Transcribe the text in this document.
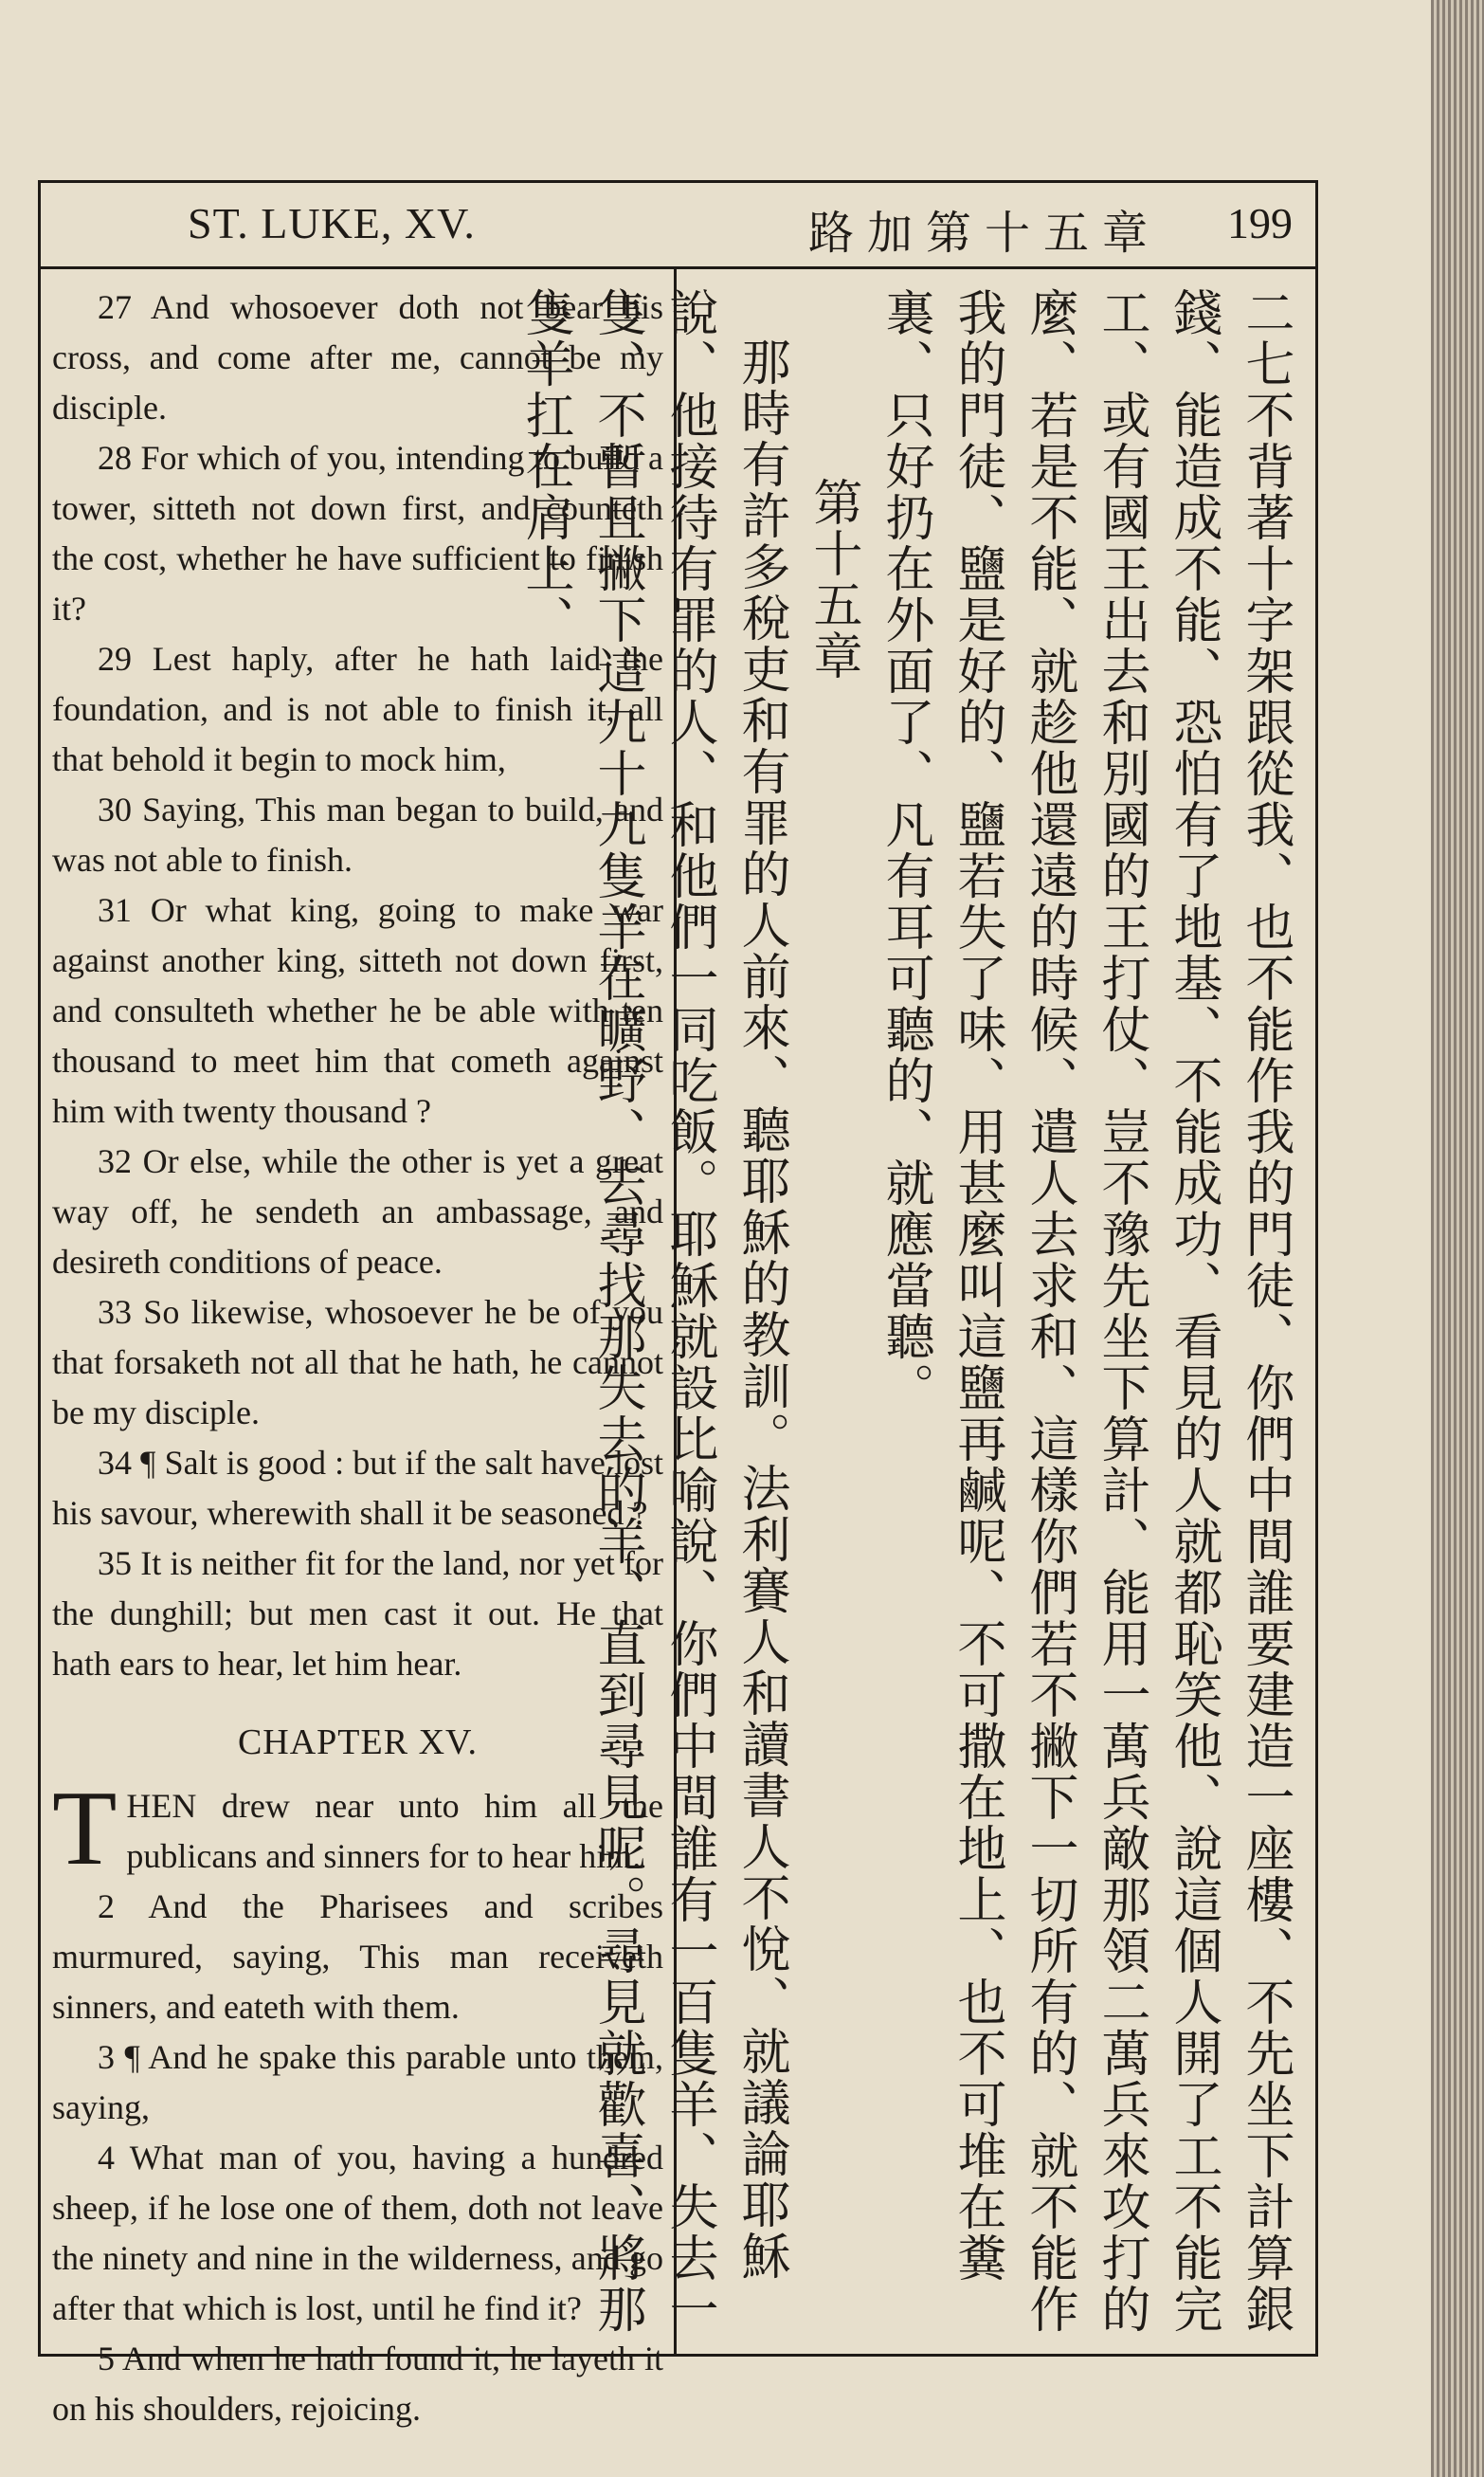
ST. LUKE, XV.	路加第十五章 199

27 And whosoever doth not bear his cross, and come after me, cannot be my disciple.

28 For which of you, intending to build a tower, sitteth not down first, and counteth the cost, whether he have sufficient to finish it?

29 Lest haply, after he hath laid the foundation, and is not able to finish it, all that behold it begin to mock him,

30 Saying, This man began to build, and was not able to finish.

31 Or what king, going to make war against another king, sitteth not down first, and consulteth whether he be able with ten thousand to meet him that cometh against him with twenty thousand ?

32 Or else, while the other is yet a great way off, he sendeth an ambassage, and desireth conditions of peace.

33 So likewise, whosoever he be of you that forsaketh not all that he hath, he cannot be my disciple.

34 ¶ Salt is good : but if the salt have lost his savour, wherewith shall it be seasoned ?

35 It is neither fit for the land, nor yet for the dunghill; but men cast it out. He that hath ears to hear, let him hear.

CHAPTER XV.

THEN drew near unto him all the publicans and sinners for to hear him.

2 And the Pharisees and scribes murmured, saying, This man receiveth sinners, and eateth with them.

3 ¶ And he spake this parable unto them, saying,

4 What man of you, having a hundred sheep, if he lose one of them, doth not leave the ninety and nine in the wilderness, and go after that which is lost, until he find it?

5 And when he hath found it, he layeth it on his shoulders, rejoicing.

二七不背著十字架跟從我、也不能作我的門徒、你們中間誰要建造一座樓、不先坐下計算銀錢、能造成不能、恐怕有了地基、不能成功、看見的人就都恥笑他、說這個人開了工不能完工、或有國王出去和別國的王打仗、豈不豫先坐下算計、能用一萬兵敵那領二萬兵來攻打的麼、若是不能、就趁他還遠的時候、遣人去求和、這樣你們若不撇下一切所有的、就不能作我的門徒、鹽是好的、鹽若失了味、用甚麼叫這鹽再鹹呢、不可撒在地上、也不可堆在糞裏、只好扔在外面了、凡有耳可聽的、就應當聽。

第十五章

那時有許多稅吏和有罪的人前來、聽耶穌的教訓。法利賽人和讀書人不悅、就議論耶穌說、他接待有罪的人、和他們一同吃飯。耶穌就設比喻說、你們中間誰有一百隻羊、失去一隻、不暫且撇下這九十九隻羊在曠野、去尋找那失去的羊、直到尋見呢。尋見就歡喜、將那隻羊扛在肩上、
